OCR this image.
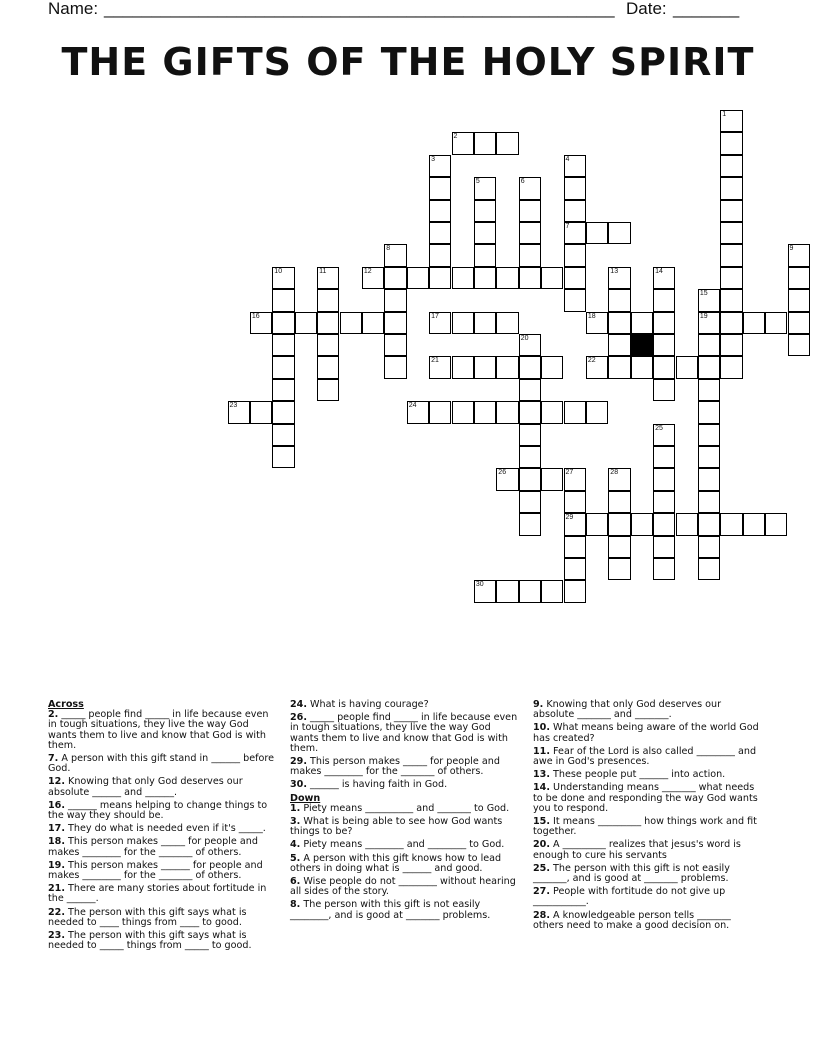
Name: ______________________________________________________ Date: _______
THE GIFTS OF THE HOLY SPIRIT
1
2
3	4
7
5	6
8	9
10	11	12	13	14
15
19
16	17	18
20
21	22
23	24
25
26	27
29
28
30

Across

2. _____ people find _____ in life because even in tough situations, they live the way God wants them to live and know that God is with them.

7. A person with this gift stand in ______ before God.

12. Knowing that only God deserves our absolute ______ and ______.

16. ______ means helping to change things to the way they should be.

17. They do what is needed even if it's _____.

18. This person makes _____ for people and makes ________ for the _______ of others.

19. This person makes ______ for people and makes ________ for the _______ of others.

21. There are many stories about fortitude in the ______.

22. The person with this gift says what is needed to ____ things from ____ to good.

23. The person with this gift says what is needed to _____ things from _____ to good.

24. What is having courage?

26. _____ people find _____ in life because even in tough situations, they live the way God wants them to live and know that God is with them.

29. This person makes _____ for people and makes ________ for the _______ of others.

30. ______ is having faith in God.

Down

1. Piety means __________ and _______ to God.

3. What is being able to see how God wants things to be?

4. Piety means ________ and ________ to God.

5. A person with this gift knows how to lead others in doing what is ______ and good.

6. Wise people do not ________ without hearing all sides of the story.

8. The person with this gift is not easily ________, and is good at _______ problems.

9. Knowing that only God deserves our absolute _______ and _______.

10. What means being aware of the world God has created?

11. Fear of the Lord is also called ________ and awe in God's presences.

13. These people put ______ into action.

14. Understanding means _______ what needs to be done and responding the way God wants you to respond.

15. It means _________ how things work and fit together.

20. A _________ realizes that jesus's word is enough to cure his servants

25. The person with this gift is not easily _______, and is good at _______ problems.

27. People with fortitude do not give up ___________.

28. A knowledgeable person tells _______ others need to make a good decision on.
